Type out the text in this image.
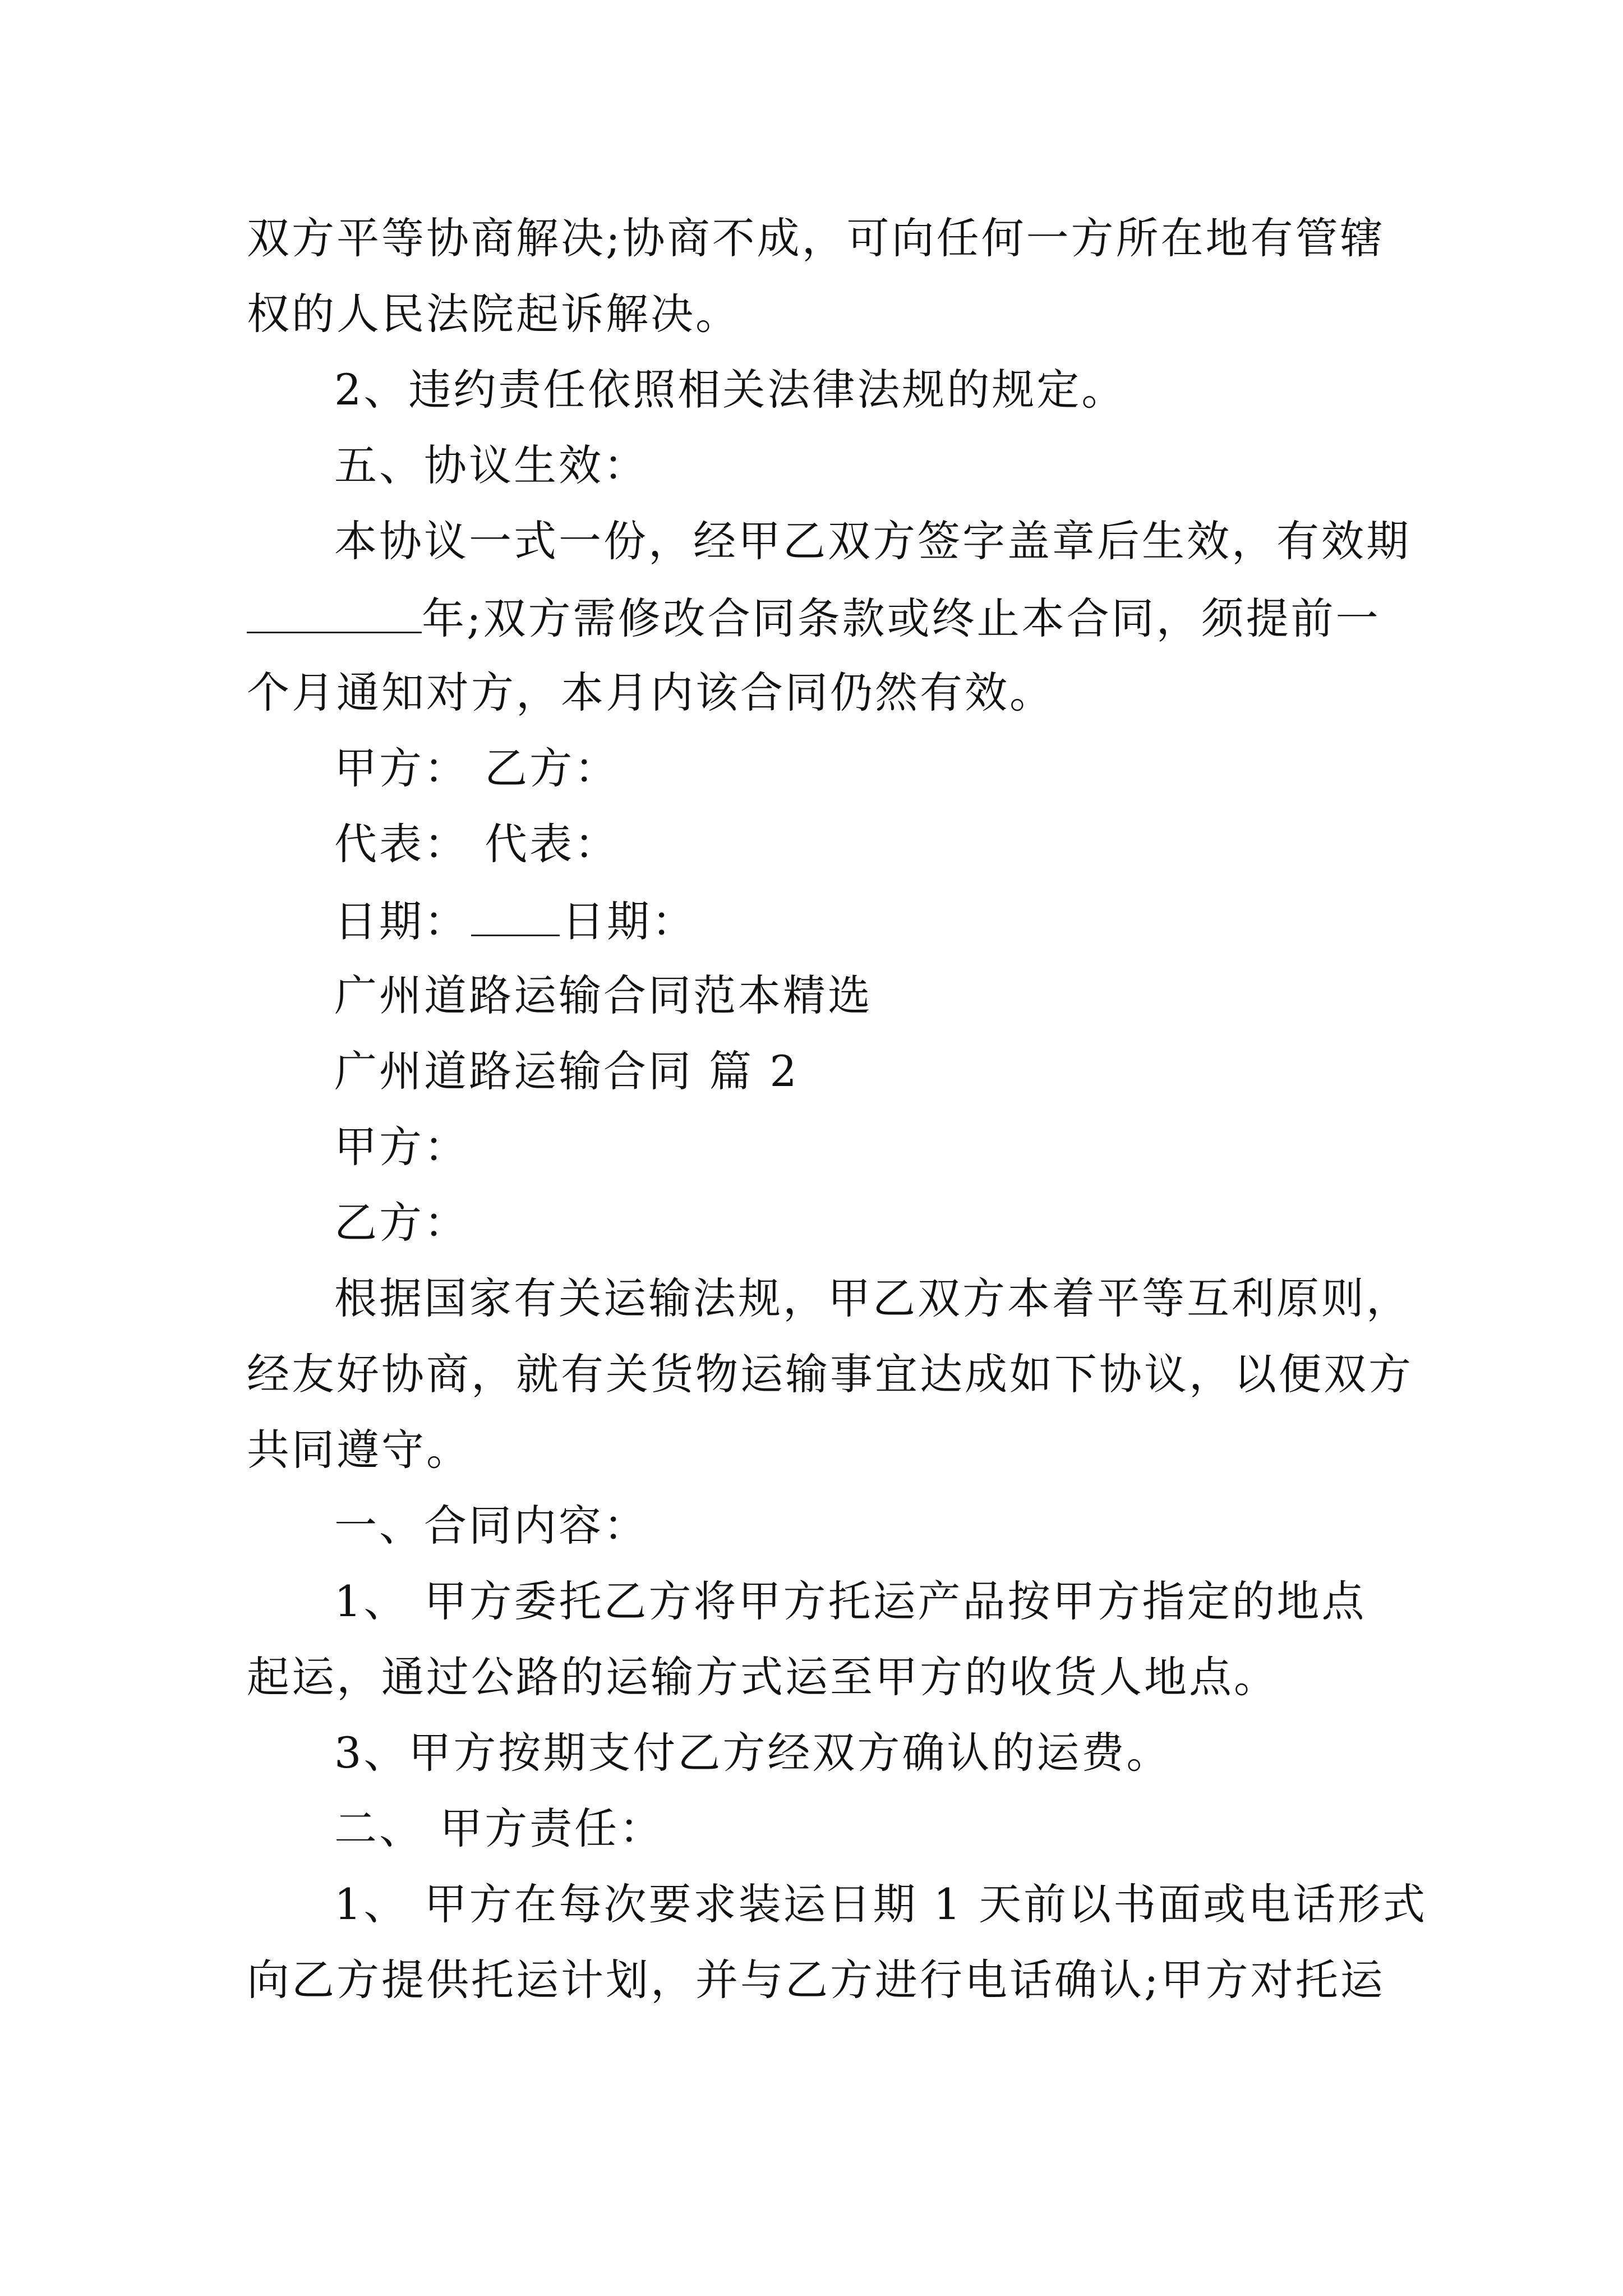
双方平等协商解决;协商不成，可向任何一方所在地有管辖
权的人民法院起诉解决。
2、违约责任依照相关法律法规的规定。
五、协议生效：
本协议一式一份，经甲乙双方签字盖章后生效，有效期
年;双方需修改合同条款或终止本合同，须提前一
个月通知对方，本月内该合同仍然有效。
甲方： 乙方：
代表： 代表：
日期： 日期：
广州道路运输合同范本精选
广州道路运输合同 篇 2
甲方：
乙方：
根据国家有关运输法规，甲乙双方本着平等互利原则，
经友好协商，就有关货物运输事宜达成如下协议，以便双方
共同遵守。
一、合同内容：
1、 甲方委托乙方将甲方托运产品按甲方指定的地点
起运，通过公路的运输方式运至甲方的收货人地点。
3、甲方按期支付乙方经双方确认的运费。
二、 甲方责任：
1、 甲方在每次要求装运日期 1 天前以书面或电话形式
向乙方提供托运计划，并与乙方进行电话确认;甲方对托运
